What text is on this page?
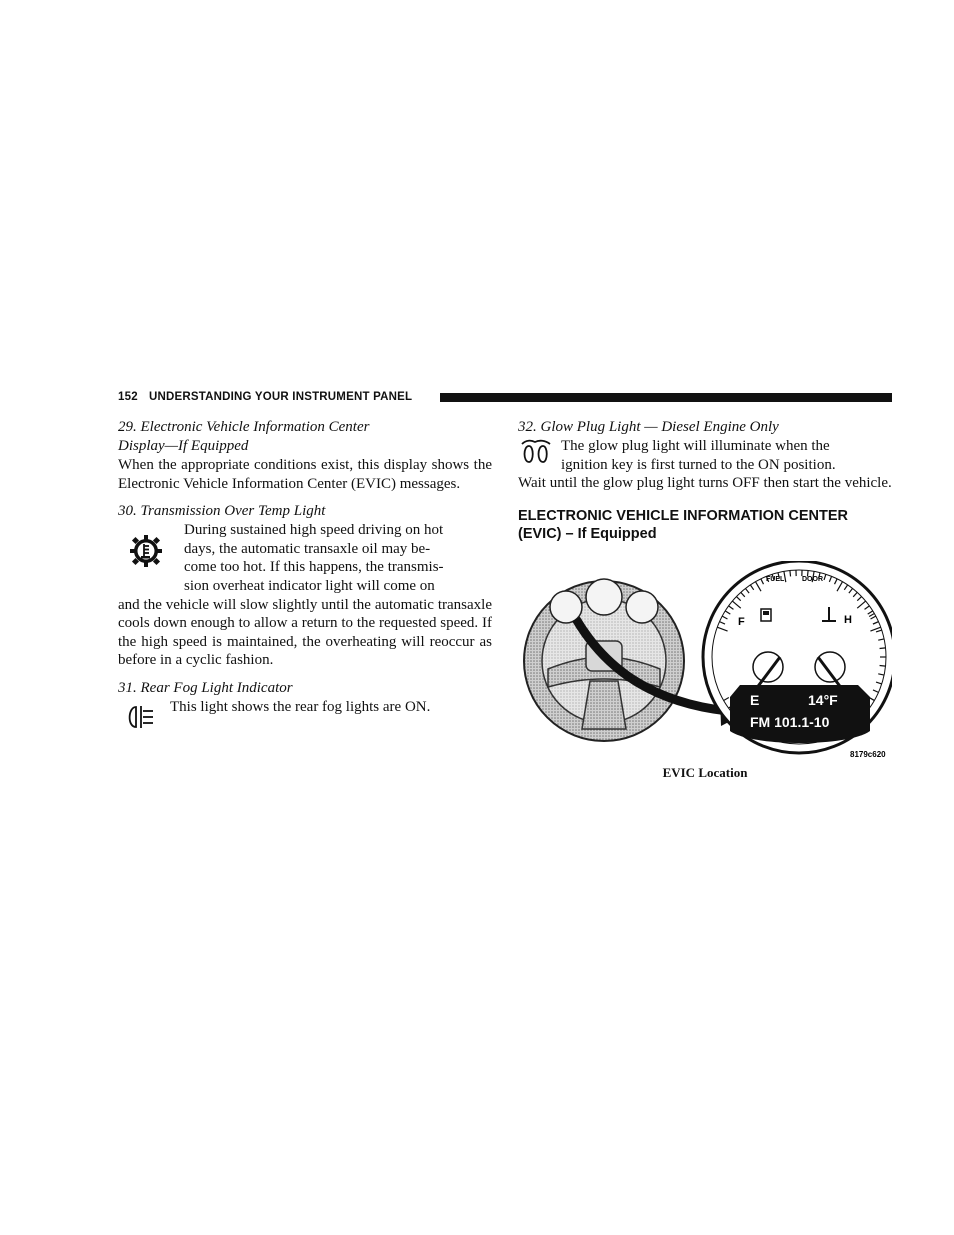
152 UNDERSTANDING YOUR INSTRUMENT PANEL

29. Electronic Vehicle Information Center

Display—If Equipped

When the appropriate conditions exist, this display shows the Electronic Vehicle Information Center (EVIC) messages.

30. Transmission Over Temp Light

During sustained high speed driving on hot

days, the automatic transaxle oil may be-

come too hot. If this happens, the transmis-

sion overheat indicator light will come on

and the vehicle will slow slightly until the automatic transaxle cools down enough to allow a return to the requested speed. If the high speed is maintained, the overheating will reoccur as before in a cyclic fashion.

31. Rear Fog Light Indicator

This light shows the rear fog lights are ON.

32. Glow Plug Light — Diesel Engine Only

The glow plug light will illuminate when the

ignition key is first turned to the ON position.

Wait until the glow plug light turns OFF then start the vehicle.

ELECTRONIC VEHICLE INFORMATION CENTER

(EVIC) – If Equipped

FUEL	DOOR
F	H
E	14°F
FM 101.1-10
8179c620
EVIC Location
